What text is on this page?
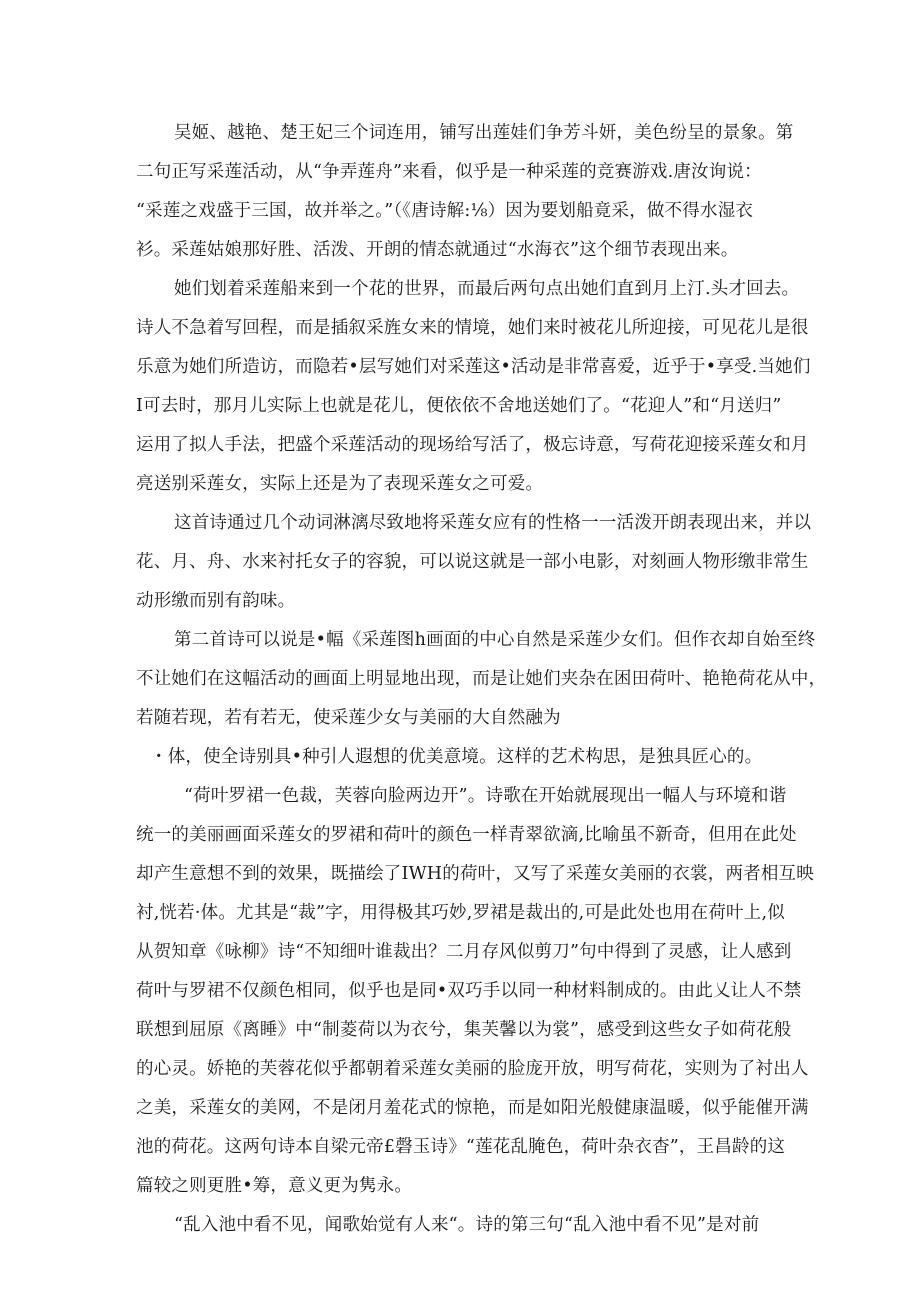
吴姬、越艳、楚王妃三个词连用，铺写出莲娃们争芳斗妍，美色纷呈的景象。第
二句正写采莲活动，从“争弄莲舟”来看，似乎是一种采莲的竞赛游戏.唐汝询说：
“采莲之戏盛于三国，故并举之。”（《唐诗解:⅛）因为要划船竟采，做不得水湿衣
衫。采莲姑娘那好胜、活泼、开朗的情态就通过“水海衣”这个细节表现出来。
她们划着采莲船来到一个花的世界，而最后两句点出她们直到月上汀.头才回去。
诗人不急着写回程，而是插叙采旌女来的情境，她们来时被花儿所迎接，可见花儿是很
乐意为她们所造访，而隐若•层写她们对采莲这•活动是非常喜爱，近乎于•享受.当她们
I可去时，那月儿实际上也就是花儿，便依依不舍地送她们了。“花迎人”和“月送归”
运用了拟人手法，把盛个采莲活动的现场给写活了，极忘诗意，写荷花迎接采莲女和月
亮送别采莲女，实际上还是为了表现采莲女之可爱。
这首诗通过几个动词淋漓尽致地将采莲女应有的性格一一活泼开朗表现出来，并以
花、月、舟、水来衬托女子的容貌，可以说这就是一部小电影，对刻画人物形缴非常生
动形缴而别有韵味。
第二首诗可以说是•幅《采莲图h画面的中心自然是采莲少女们。但作衣却自始至终
不让她们在这幅活动的画面上明显地出现，而是让她们夹杂在困田荷叶、艳艳荷花从中，
若随若现，若有若无，使采莲少女与美丽的大自然融为
・体，使全诗别具•种引人遐想的优美意境。这样的艺术构思，是独具匠心的。
“荷叶罗裙一色裁，芙蓉向脸两边开”。诗歌在开始就展现出一幅人与环境和谐
统一的美丽画面采莲女的罗裙和荷叶的颜色一样青翠欲滴,比喻虽不新奇，但用在此处
却产生意想不到的效果，既描绘了IWH的荷叶，又写了采莲女美丽的衣裳，两者相互映
衬,恍若·体。尤其是“裁”字，用得极其巧妙,罗裙是裁出的,可是此处也用在荷叶上,似
从贺知章《咏柳》诗“不知细叶谁裁出？二月存风似剪刀”句中得到了灵感，让人感到
荷叶与罗裙不仅颜色相同，似乎也是同•双巧手以同一种材料制成的。由此乂让人不禁
联想到屈原《离睡》中“制菱荷以为衣兮，集芙馨以为裳”，感受到这些女子如荷花般
的心灵。娇艳的芙蓉花似乎都朝着采莲女美丽的脸庞开放，明写荷花，实则为了衬出人
之美，采莲女的美网，不是闭月羞花式的惊艳，而是如阳光般健康温暖，似乎能催开满
池的荷花。这两句诗本自梁元帝£磬玉诗》“莲花乱腌色，荷叶杂衣杳”，王昌龄的这
篇较之则更胜•筹，意义更为隽永。
“乱入池中看不见，闻歌始觉有人来“。诗的第三句“乱入池中看不见”是对前
